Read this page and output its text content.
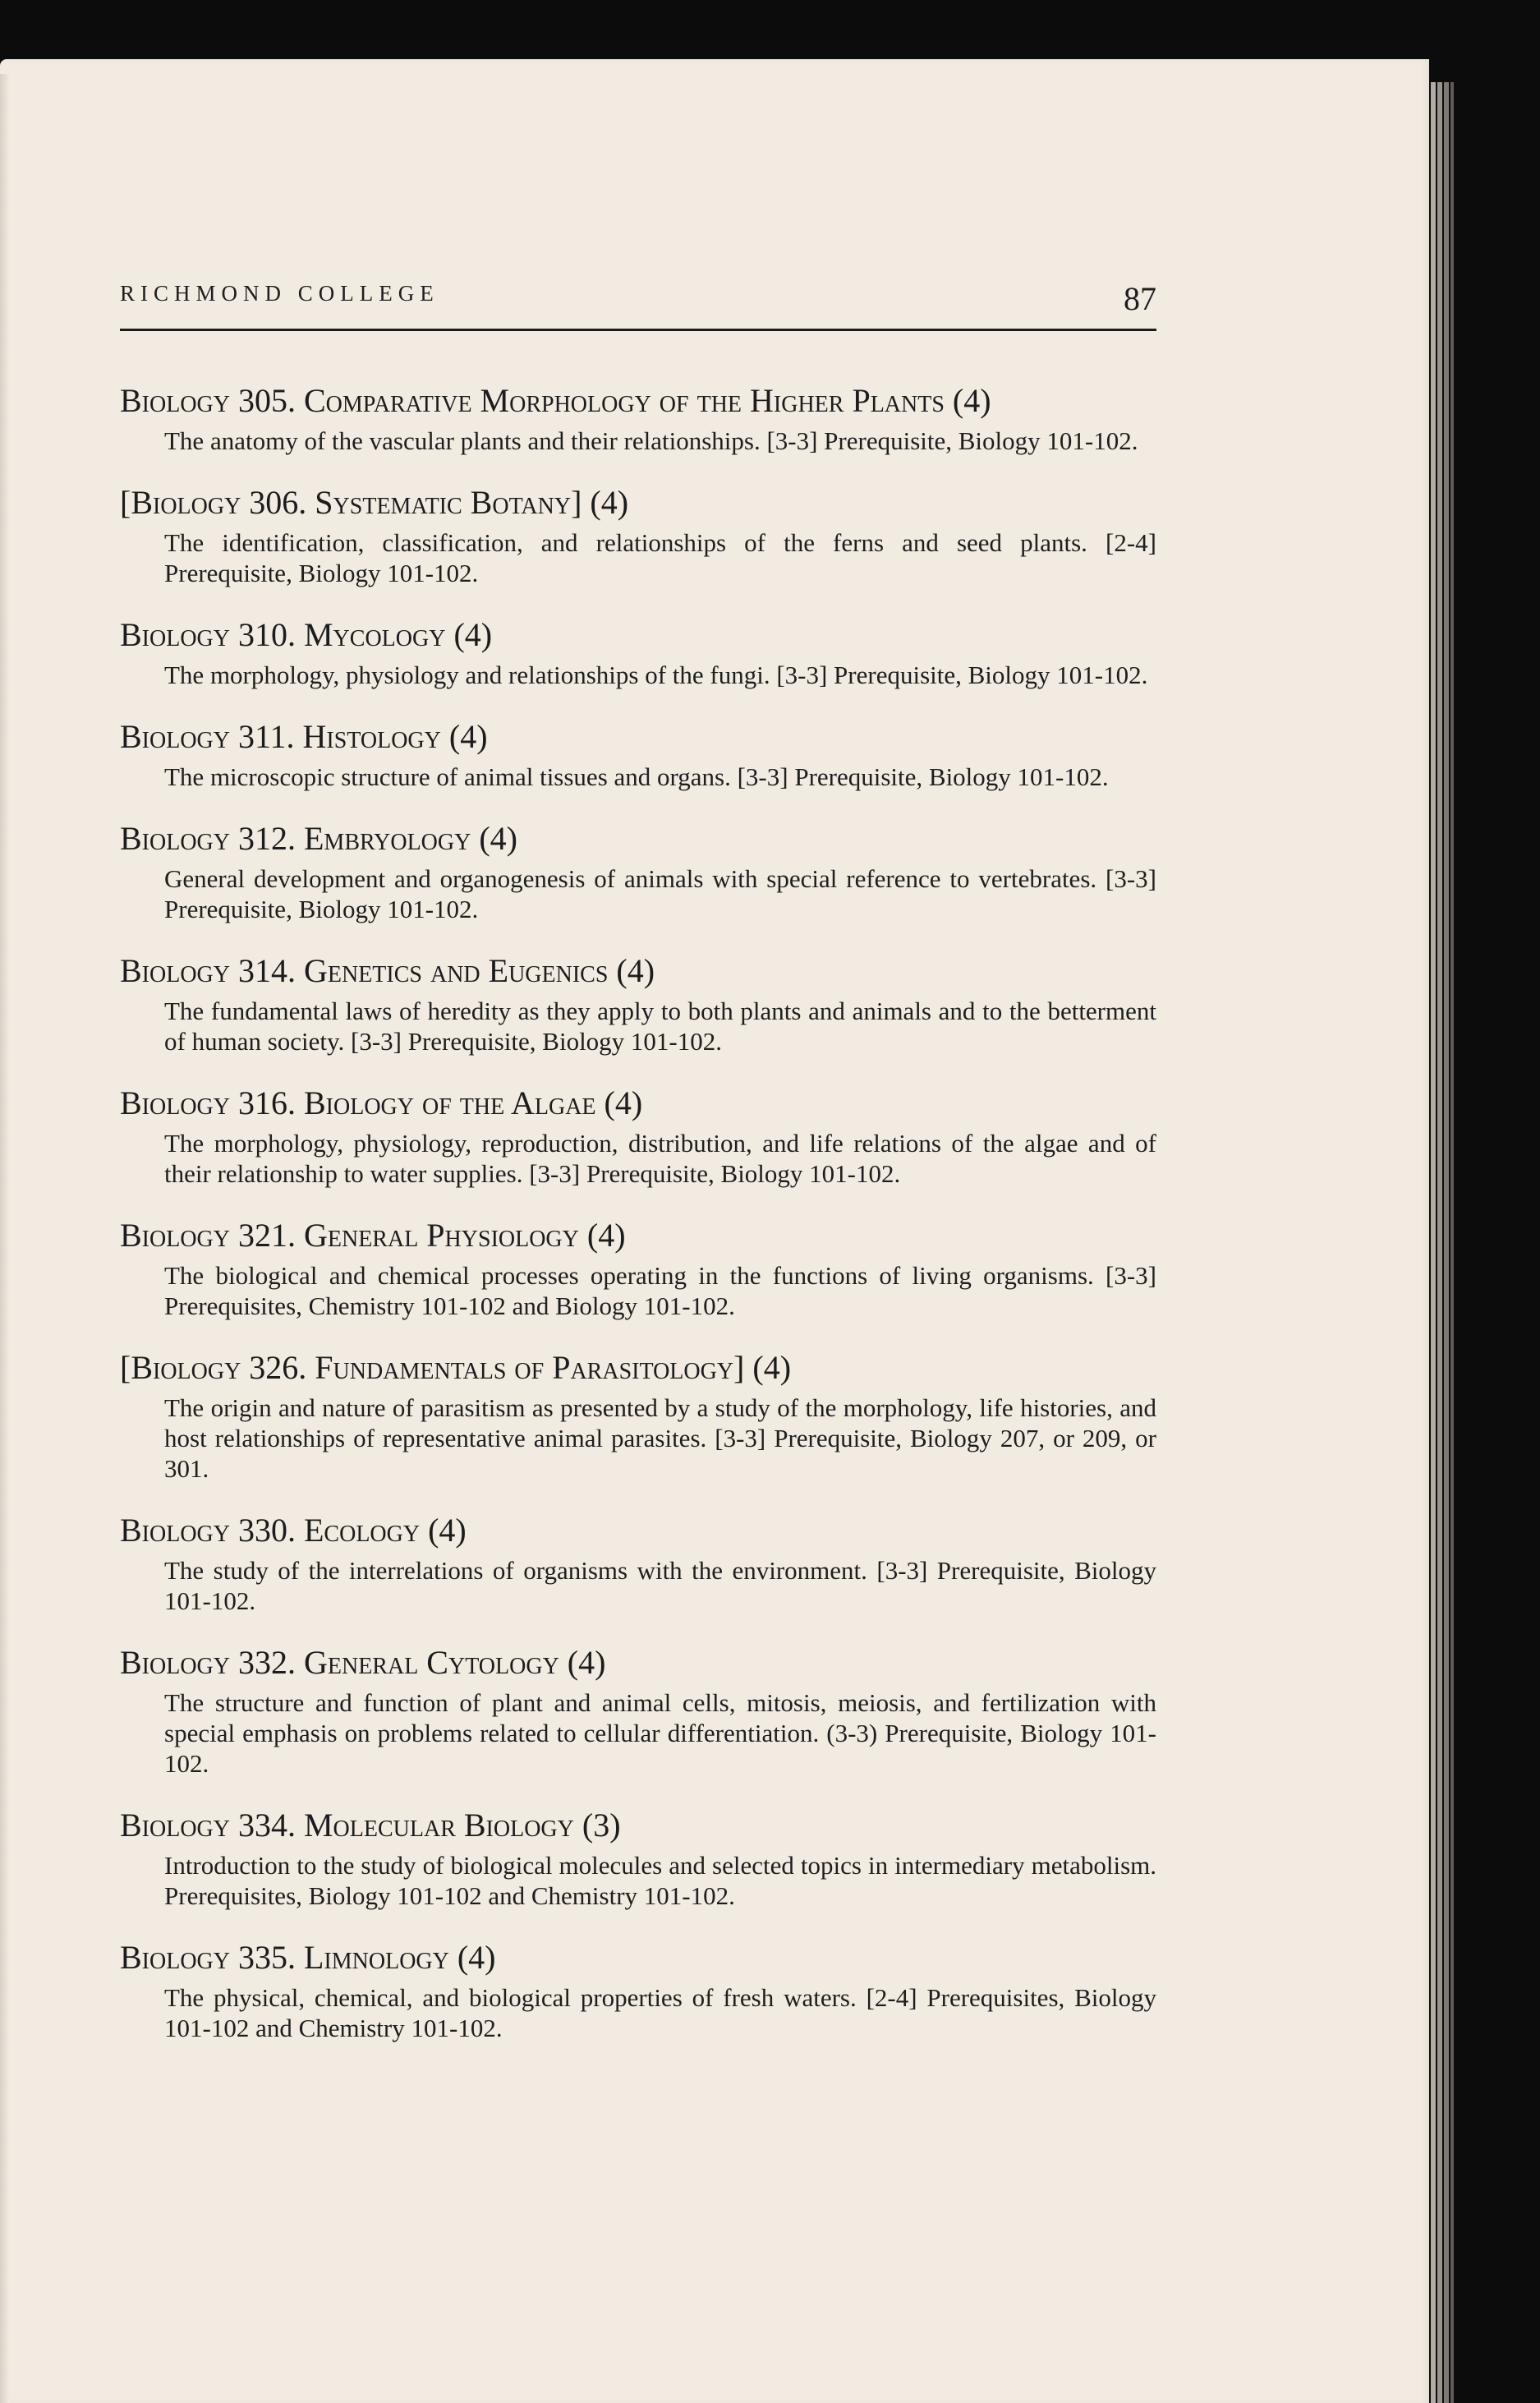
RICHMOND COLLEGE	87

Biology 305. Comparative Morphology of the Higher Plants (4)

The anatomy of the vascular plants and their relationships. [3-3] Prerequisite, Biology 101-102.

[Biology 306. Systematic Botany] (4)

The identification, classification, and relationships of the ferns and seed plants. [2-4] Prerequisite, Biology 101-102.

Biology 310. Mycology (4)

The morphology, physiology and relationships of the fungi. [3-3] Prerequisite, Biology 101-102.

Biology 311. Histology (4)

The microscopic structure of animal tissues and organs. [3-3] Prerequisite, Biology 101-102.

Biology 312. Embryology (4)

General development and organogenesis of animals with special reference to vertebrates. [3-3] Prerequisite, Biology 101-102.

Biology 314. Genetics and Eugenics (4)

The fundamental laws of heredity as they apply to both plants and animals and to the betterment of human society. [3-3] Prerequisite, Biology 101-102.

Biology 316. Biology of the Algae (4)

The morphology, physiology, reproduction, distribution, and life relations of the algae and of their relationship to water supplies. [3-3] Prerequisite, Biology 101-102.

Biology 321. General Physiology (4)

The biological and chemical processes operating in the functions of living organisms. [3-3] Prerequisites, Chemistry 101-102 and Biology 101-102.

[Biology 326. Fundamentals of Parasitology] (4)

The origin and nature of parasitism as presented by a study of the morphology, life histories, and host relationships of representative animal parasites. [3-3] Prerequisite, Biology 207, or 209, or 301.

Biology 330. Ecology (4)

The study of the interrelations of organisms with the environment. [3-3] Prerequisite, Biology 101-102.

Biology 332. General Cytology (4)

The structure and function of plant and animal cells, mitosis, meiosis, and fertilization with special emphasis on problems related to cellular differentiation. (3-3) Prerequisite, Biology 101-102.

Biology 334. Molecular Biology (3)

Introduction to the study of biological molecules and selected topics in intermediary metabolism. Prerequisites, Biology 101-102 and Chemistry 101-102.

Biology 335. Limnology (4)

The physical, chemical, and biological properties of fresh waters. [2-4] Prerequisites, Biology 101-102 and Chemistry 101-102.
